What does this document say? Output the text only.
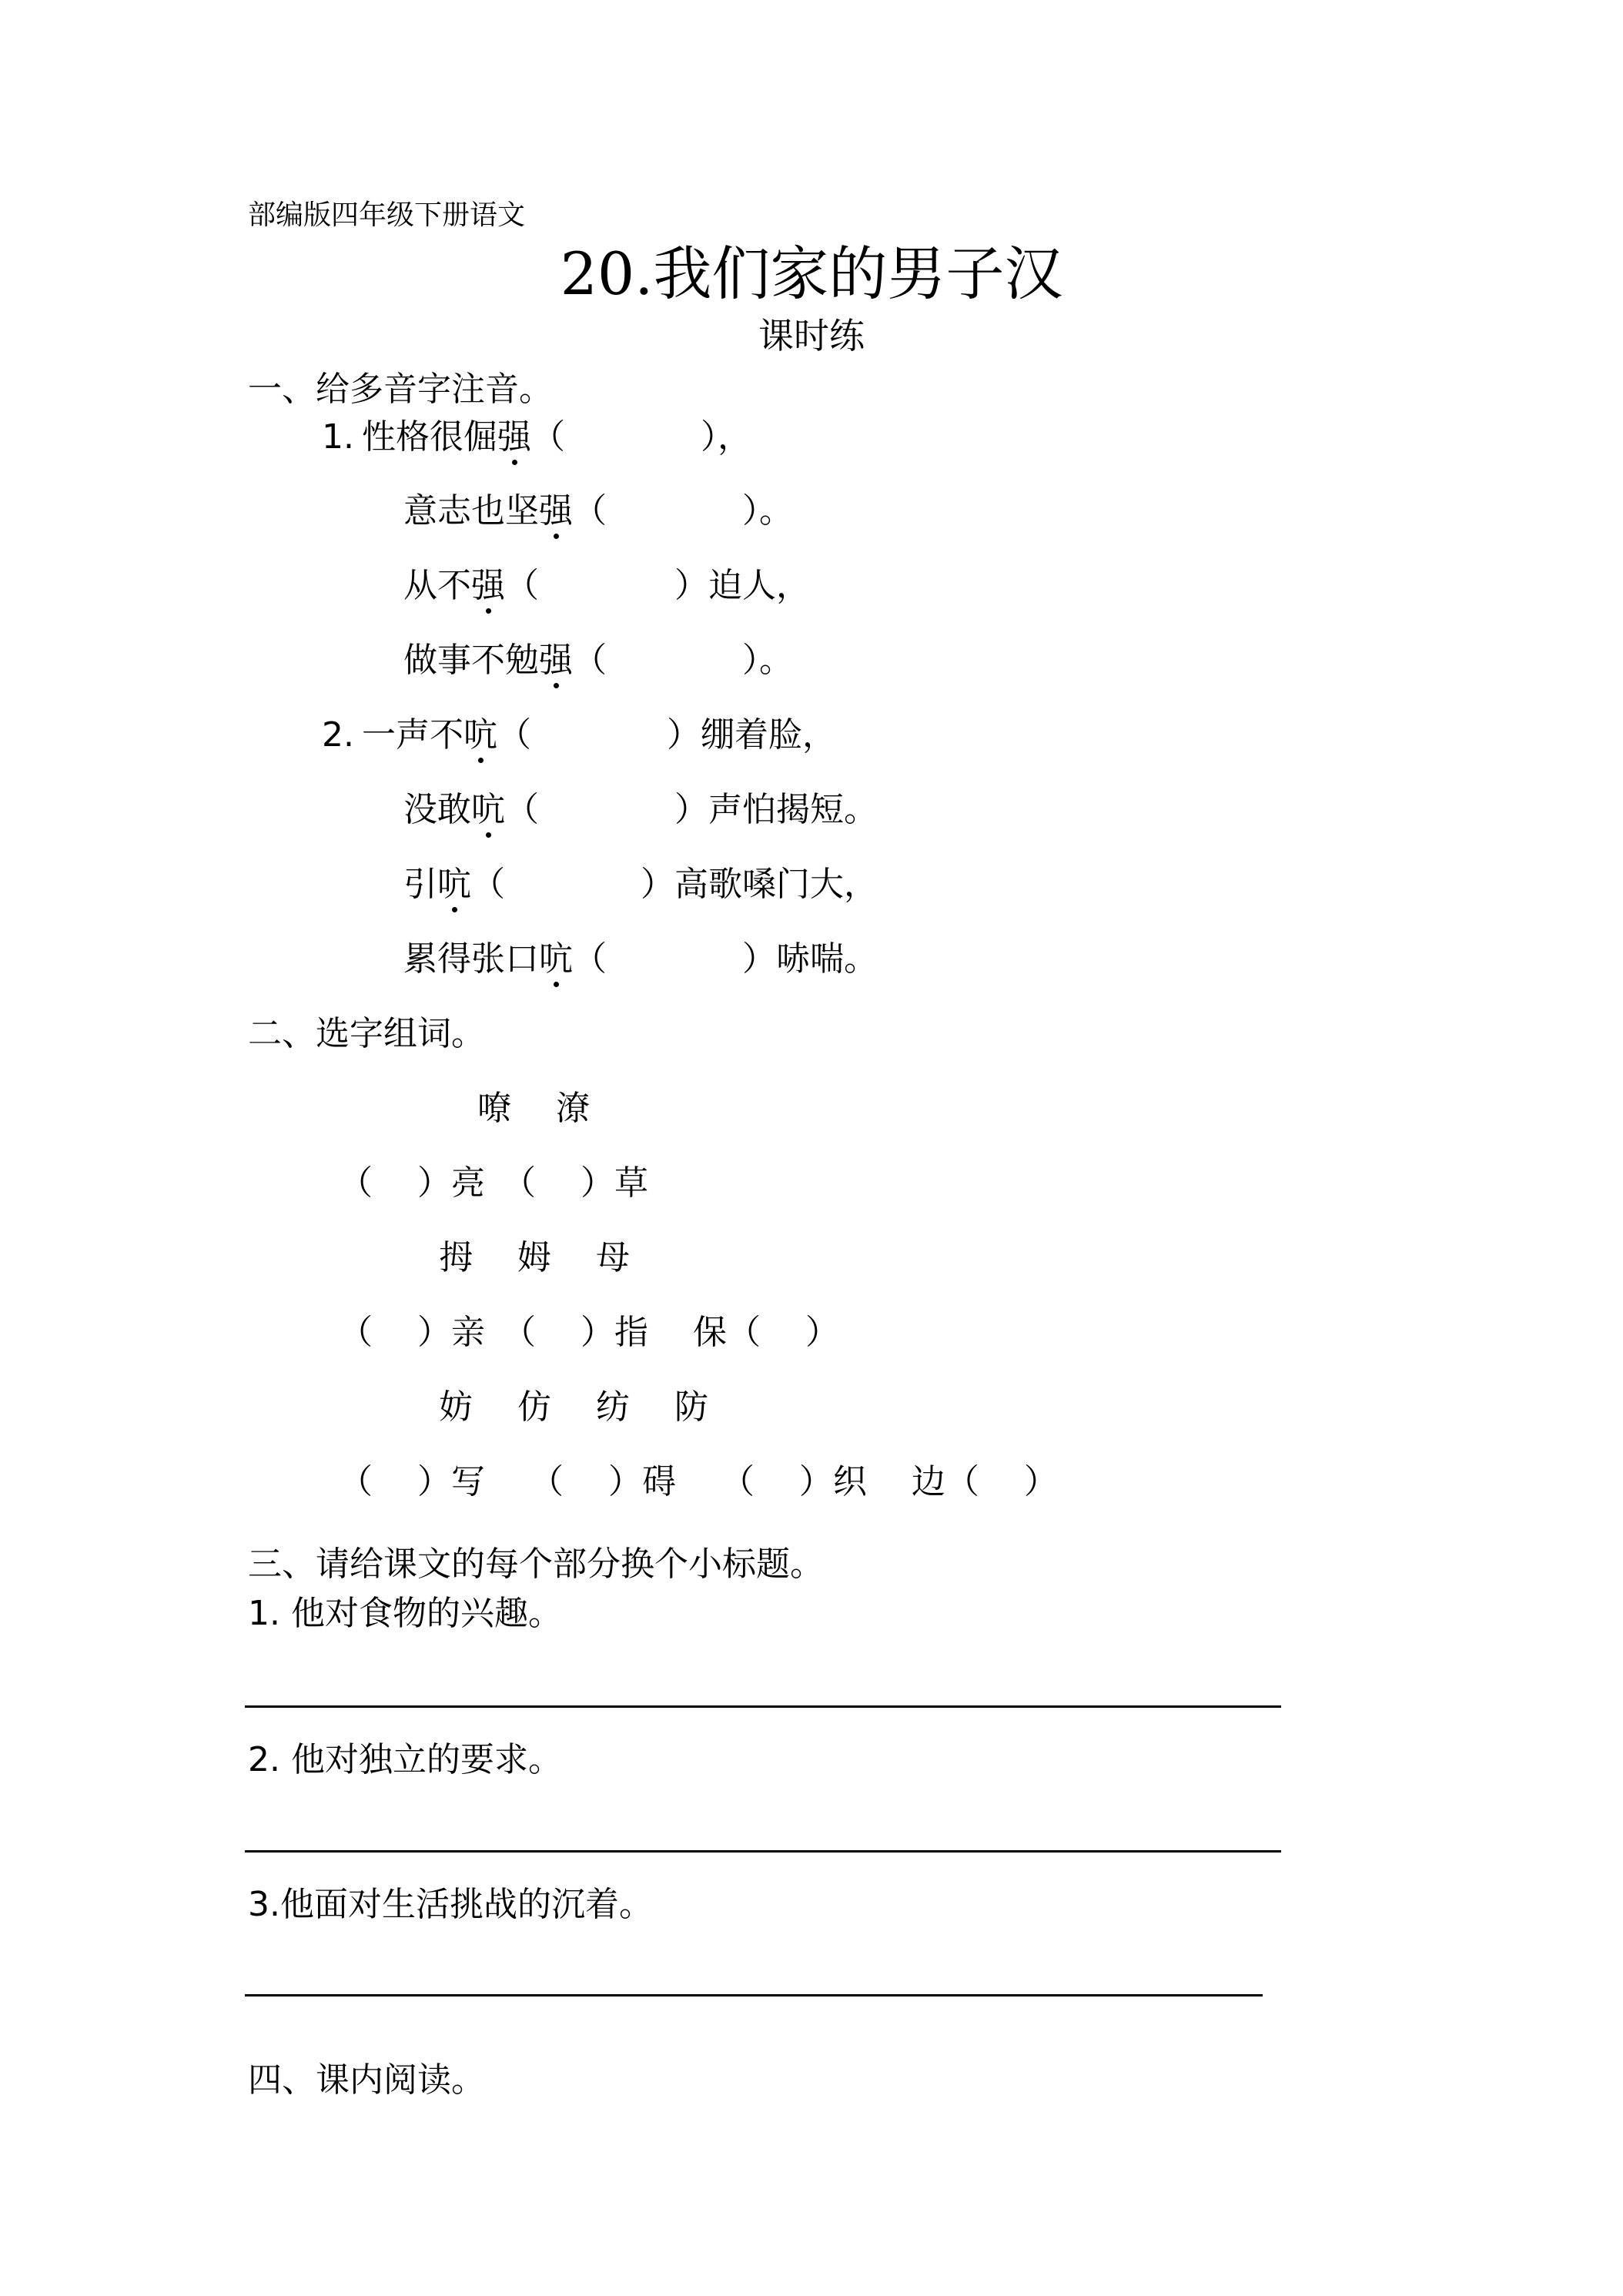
部编版四年级下册语文
20.我们家的男子汉
课时练
一、给多音字注音。
1. 性格很倔强（　　　　），
意志也坚强（　　　　）。
从不强（　　　　）迫人，
做事不勉强（　　　　）。
2. 一声不吭（　　　　）绷着脸，
没敢吭（　　　　）声怕揭短。
引吭（　　　　）高歌嗓门大，
累得张口吭（　　　　）哧喘。
二、选字组词。
嘹　 潦
（　 ）亮　（　 ）草
拇　 姆　 母
（　 ）亲　（　 ）指　 保（　 ）
妨　 仿　 纺　 防
（　 ）写　 （　 ）碍　 （　 ）织　 边（　 ）
三、请给课文的每个部分换个小标题。
1. 他对食物的兴趣。
2. 他对独立的要求。
3.他面对生活挑战的沉着。
四、课内阅读。
